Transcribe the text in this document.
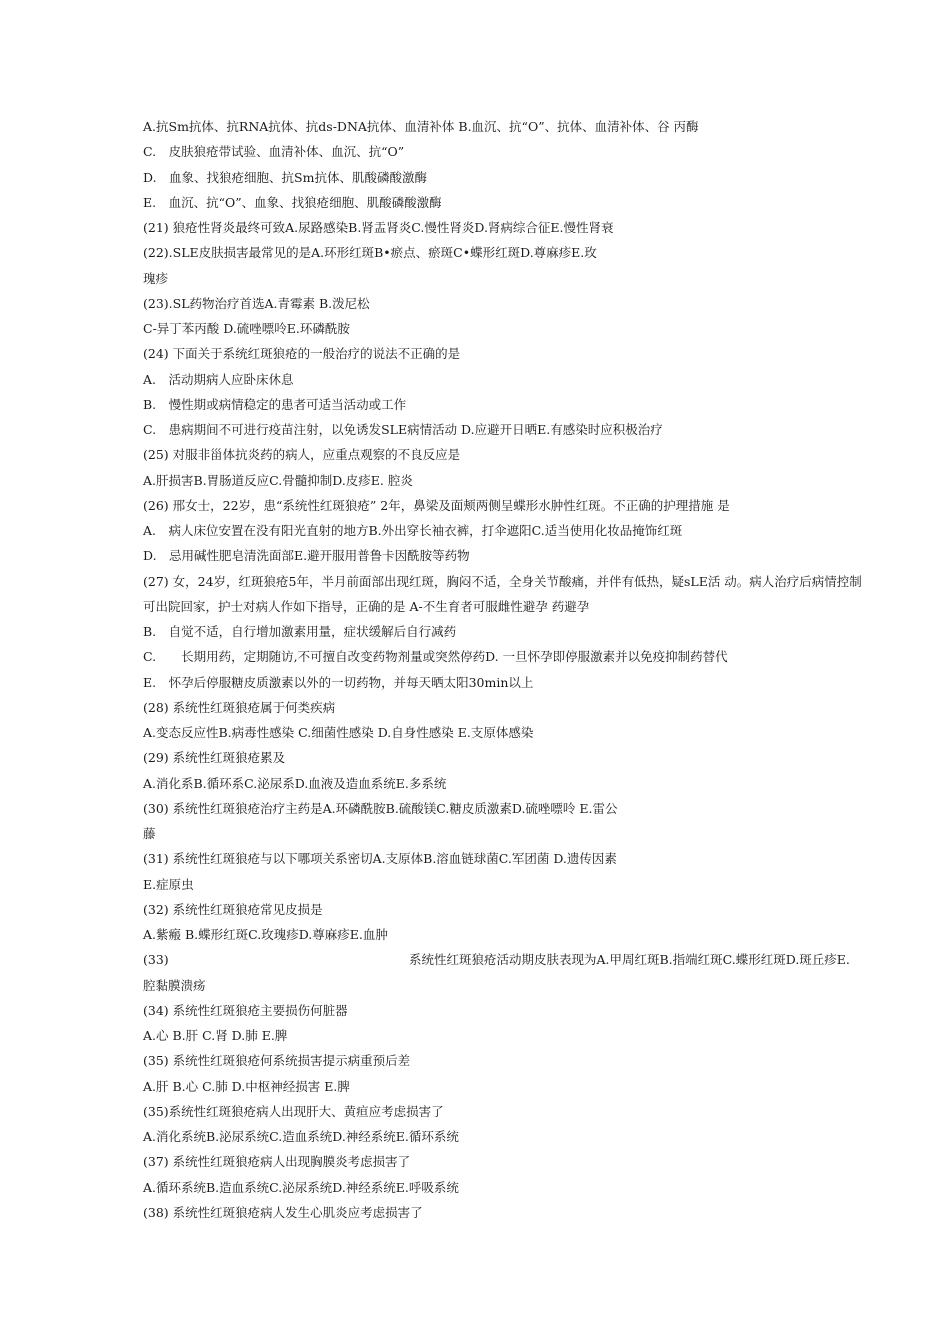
A.抗Sm抗体、抗RNA抗体、抗ds-DNA抗体、血清补体 B.血沉、抗“O”、抗体、血清补体、谷 丙酶
C.　皮肤狼疮带试验、血清补体、血沉、抗“O”
D.　血象、找狼疮细胞、抗Sm抗体、肌酸磷酸激酶
E.　血沉、抗“O”、血象、找狼疮细胞、肌酸磷酸激酶
(21) 狼疮性肾炎最终可致A.尿路感染B.肾盂肾炎C.慢性肾炎D.肾病综合征E.慢性肾衰
(22).SLE皮肤损害最常见的是A.环形红斑B•瘀点、瘀斑C•蝶形红斑D.尊麻疹E.玫
瑰疹
(23).SL药物治疗首选A.青霉素 B.泼尼松
C-异丁苯丙酸 D.硫唑嘌呤E.环磷酰胺
(24) 下面关于系统红斑狼疮的一般治疗的说法不正确的是
A.　活动期病人应卧床休息
B.　慢性期或病情稳定的患者可适当活动或工作
C.　患病期间不可进行疫苗注射，以免诱发SLE病情活动 D.应避开日晒E.有感染时应积极治疗
(25) 对服非甾体抗炎药的病人，应重点观察的不良反应是
A.肝损害B.胃肠道反应C.骨髓抑制D.皮疹E. 腔炎
(26) 邢女士，22岁，患“系统性红斑狼疮” 2年，鼻梁及面颊两侧呈蝶形水肿性红斑。不正确的护理措施 是
A.　病人床位安置在没有阳光直射的地方B.外出穿长袖衣裤，打伞遮阳C.适当使用化妆品掩饰红斑
D.　忌用碱性肥皂清洗面部E.避开服用普鲁卡因酰胺等药物
(27) 女，24岁，红斑狼疮5年，半月前面部出现红斑，胸闷不适，全身关节酸痛，并伴有低热，疑sLE活 动。病人治疗后病情控制
可出院回家，护士对病人作如下指导，正确的是 A-不生育者可服雌性避孕 药避孕
B.　自觉不适，自行增加激素用量，症状缓解后自行减药
C.　　长期用药，定期随访,不可擅自改变药物剂量或突然停药D. 一旦怀孕即停服激素并以免疫抑制药替代
E.　怀孕后停服糖皮质激素以外的一切药物，并每天晒太阳30min以上
(28) 系统性红斑狼疮属于何类疾病
A.变态反应性B.病毒性感染 C.细菌性感染 D.自身性感染 E.支原体感染
(29) 系统性红斑狼疮累及
A.消化系B.循环系C.泌尿系D.血液及造血系统E.多系统
(30) 系统性红斑狼疮治疗主药是A.环磷酰胺B.硫酸镁C.糖皮质激素D.硫唑嘌呤 E.雷公
藤
(31) 系统性红斑狼疮与以下哪项关系密切A.支原体B.溶血链球菌C.军团菌 D.遗传因素
E.症原虫
(32) 系统性红斑狼疮常见皮损是
A.紫瘢 B.蝶形红斑C.玫瑰疹D.尊麻疹E.血肿
(33)	系统性红斑狼疮活动期皮肤表现为A.甲周红斑B.指端红斑C.蝶形红斑D.斑丘疹E.
腔黏膜溃疡
(34) 系统性红斑狼疮主要损伤何脏器
A.心 B.肝 C.肾 D.肺 E.脾
(35) 系统性红斑狼疮何系统损害提示病重预后差
A.肝 B.心 C.肺 D.中枢神经损害 E.脾
(35)系统性红斑狼疮病人出现肝大、黄疸应考虑损害了
A.消化系统B.泌尿系统C.造血系统D.神经系统E.循环系统
(37) 系统性红斑狼疮病人出现胸膜炎考虑损害了
A.循环系统B.造血系统C.泌尿系统D.神经系统E.呼吸系统
(38) 系统性红斑狼疮病人发生心肌炎应考虑损害了
